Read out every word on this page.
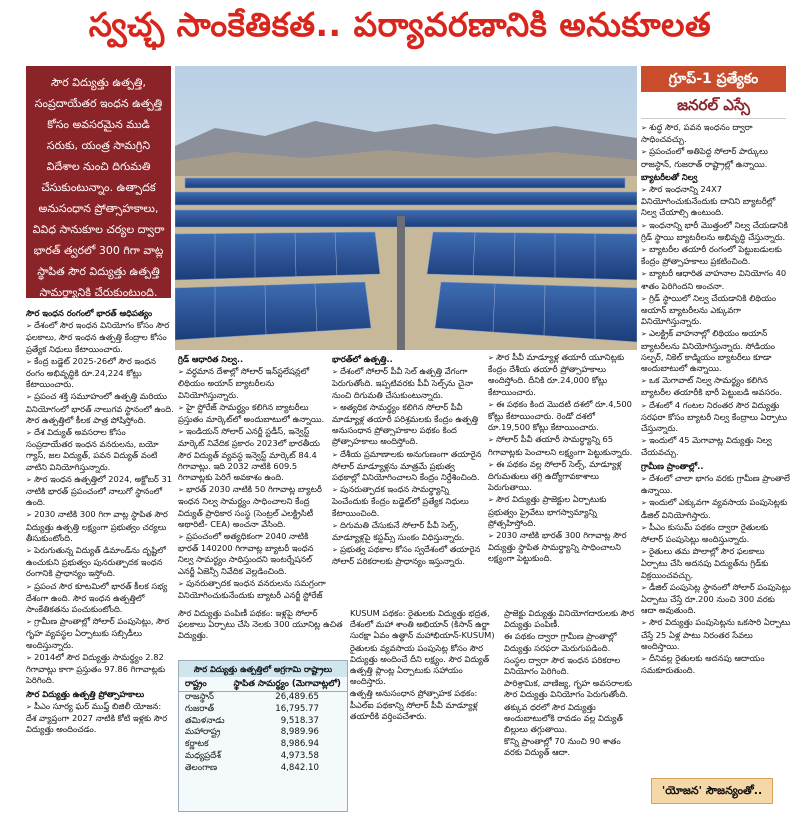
స్వచ్ఛ సాంకేతికత.. పర్యావరణానికి అనుకూలత
సౌర విద్యుత్తు ఉత్పత్తి, సంప్రదాయేతర ఇంధన ఉత్పత్తి కోసం అవసరమైన ముడి సరుకు, యంత్ర సామగ్రిని విదేశాల నుంచి దిగుమతి చేసుకుంటున్నాం. ఉత్పాదక అనుసంధాన ప్రోత్సాహకాలు, వివిధ సానుకూల చర్యల ద్వారా భారత్ త్వరలో 300 గిగా వాట్ల స్థాపిత సౌర విద్యుత్తు ఉత్పత్తి సామర్థ్యానికి చేరుకుంటుంది.
గ్రూప్-1 ప్రత్యేకం
జనరల్ ఎస్సే

సౌర ఇంధన రంగంలో భారత్ ఆధిపత్యం

➢ దేశంలో సౌర ఇంధన వినియోగం కోసం సౌర ఫలకాలు, సౌర ఇంధన ఉత్పత్తి కేంద్రాల కోసం ప్రత్యేక నిధులు కేటాయించారు.

➢ కేంద్ర బడ్జెట్ 2025-26లో సౌర ఇంధన రంగం అభివృద్ధికి రూ.24,224 కోట్లు కేటాయించారు.

➢ ప్రపంచ శక్తి సమూహంలో ఉత్పత్తి మరియు వినియోగంలో భారత్ నాలుగవ స్థానంలో ఉంది. సౌర ఉత్పత్తిలో కీలక పాత్ర పోషిస్తోంది.

➢ దేశ విద్యుత్ అవసరాల కోసం సంప్రదాయేతర ఇంధన వనరులను, బయో గ్యాస్, జల విద్యుత్, పవన విద్యుత్ వంటి వాటిని వినియోగిస్తున్నారు.

➢ సౌర ఇంధన ఉత్పత్తిలో 2024, అక్టోబర్ 31 నాటికి భారత్ ప్రపంచంలో నాలుగో స్థానంలో ఉంది.

➢ 2030 నాటికి 300 గిగా వాట్ల స్థాపిత సౌర విద్యుత్తు ఉత్పత్తి లక్ష్యంగా ప్రభుత్వం చర్యలు తీసుకుంటోంది.

➢ పెరుగుతున్న విద్యుత్ డిమాండ్‌ను దృష్టిలో ఉంచుకుని ప్రభుత్వం పునరుత్పాదక ఇంధన రంగానికి ప్రాధాన్యం ఇస్తోంది.

➢ ప్రపంచ సౌర కూటమిలో భారత్ కీలక సభ్య దేశంగా ఉంది. సౌర ఇంధన ఉత్పత్తిలో సాంకేతికతను పంచుకుంటోంది.

➢ గ్రామీణ ప్రాంతాల్లో సోలార్ పంపుసెట్లు, సౌర గృహ వ్యవస్థల ఏర్పాటుకు సబ్సిడీలు అందిస్తున్నారు.

➢ 2014లో సౌర విద్యుత్తు సామర్థ్యం 2.82 గిగావాట్లు కాగా ప్రస్తుతం 97.86 గిగావాట్లకు పెరిగింది.

సౌర విద్యుత్తు ఉత్పత్తి ప్రోత్సాహకాలు

➢ పీఎం సూర్య ఘర్ ముఫ్త్ బిజిలీ యోజన: దేశ వ్యాప్తంగా 2027 నాటికి కోటి ఇళ్లకు సౌర విద్యుత్తు అందించడం.

గ్రిడ్ ఆధారిత నిల్వ..

➢ వర్ధమాన దేశాల్లో సోలార్ ఇన్‌స్టలేషన్లలో లిథియం అయాన్ బ్యాటరీలను వినియోగిస్తున్నారు.

➢ హై స్టోరేజ్ సామర్థ్యం కలిగిన బ్యాటరీలు ప్రస్తుతం మార్కెట్‌లో అందుబాటులో ఉన్నాయి.

➢ ఇండియన్ సోలార్ ఎనర్జీ స్టడీస్, ఇన్వెస్ట్ మార్కెట్ నివేదిక ప్రకారం 2023లో భారతీయ సౌర విద్యుత్ వ్యవస్థ ఇన్వెస్ట్ మార్కెట్ 84.4 గిగావాట్లు. ఇది 2032 నాటికి 609.5 గిగావాట్లకు పెరిగే అవకాశం ఉంది.

➢ భారత్ 2030 నాటికి 50 గిగావాట్ల బ్యాటరీ ఇంధన నిల్వ సామర్థ్యం సాధించాలని కేంద్ర విద్యుత్ ప్రాధికార సంస్థ (సెంట్రల్ ఎలక్ట్రిసిటీ అథారిటీ- CEA) అంచనా వేసింది.

➢ ప్రపంచంలో అత్యధికంగా 2040 నాటికి భారత్ 140200 గిగావాట్ల బ్యాటరీ ఇంధన నిల్వ సామర్థ్యం సాధిస్తుందని ఇంటర్నేషనల్ ఎనర్జీ ఏజెన్సీ నివేదిక వెల్లడించింది.

➢ పునరుత్పాదక ఇంధన వనరులను సమగ్రంగా వినియోగించుకునేందుకు బ్యాటరీ ఎనర్జీ స్టోరేజ్

భారత్‌లో ఉత్పత్తి..

➢ దేశంలో సోలార్ పీవీ సెల్ ఉత్పత్తి వేగంగా పెరుగుతోంది. ఇప్పటివరకు పీవీ సెల్స్‌ను చైనా నుంచి దిగుమతి చేసుకుంటున్నారు.

➢ అత్యధిక సామర్థ్యం కలిగిన సోలార్ పీవీ మాడ్యూళ్ల తయారీ పరిశ్రమలకు కేంద్రం ఉత్పత్తి అనుసంధాన ప్రోత్సాహకాల పథకం కింద ప్రోత్సాహకాలు అందిస్తోంది.

➢ దేశీయ ప్రమాణాలకు అనుగుణంగా తయారైన సోలార్ మాడ్యూళ్లను మాత్రమే ప్రభుత్వ పథకాల్లో వినియోగించాలని కేంద్రం నిర్దేశించింది.

➢ పునరుత్పాదక ఇంధన సామర్థ్యాన్ని పెంచేందుకు కేంద్రం బడ్జెట్‌లో ప్రత్యేక నిధులు కేటాయించింది.

➢ దిగుమతి చేసుకునే సోలార్ పీవీ సెల్స్, మాడ్యూళ్లపై కస్టమ్స్ సుంకం విధిస్తున్నారు.

➢ ప్రభుత్వ పథకాల కోసం స్వదేశంలో తయారైన సోలార్ పరికరాలకు ప్రాధాన్యం ఇస్తున్నారు.

➢ సౌర పీవీ మాడ్యూళ్ల తయారీ యూనిట్లకు కేంద్రం దేశీయ తయారీ ప్రోత్సాహకాలు అందిస్తోంది. దీనికి రూ.24,000 కోట్లు కేటాయించారు.

➢ ఈ పథకం కింద మొదటి దశలో రూ.4,500 కోట్లు కేటాయించారు. రెండో దశలో రూ.19,500 కోట్లు కేటాయించారు.

➢ సోలార్ పీవీ తయారీ సామర్థ్యాన్ని 65 గిగావాట్లకు పెంచాలని లక్ష్యంగా పెట్టుకున్నారు.

➢ ఈ పథకం వల్ల సోలార్ సెల్స్, మాడ్యూళ్ల దిగుమతులు తగ్గి ఉద్యోగావకాశాలు పెరుగుతాయి.

➢ సౌర విద్యుత్తు ప్రాజెక్టుల ఏర్పాటుకు ప్రభుత్వం ప్రైవేటు భాగస్వామ్యాన్ని ప్రోత్సహిస్తోంది.

➢ 2030 నాటికి భారత్ 300 గిగావాట్ల సౌర విద్యుత్తు స్థాపిత సామర్థ్యాన్ని సాధించాలని లక్ష్యంగా పెట్టుకుంది.

➢ శుద్ధ సౌర, పవన ఇంధనం ద్వారా సాధించవచ్చు.

➢ ప్రపంచంలో అతిపెద్ద సోలార్ పార్కులు రాజస్థాన్, గుజరాత్ రాష్ట్రాల్లో ఉన్నాయి.

బ్యాటరీలతో నిల్వ

➢ సౌర ఇంధనాన్ని 24X7 వినియోగించుకునేందుకు దానిని బ్యాటరీల్లో నిల్వ చేయాల్సి ఉంటుంది.

➢ ఇంధనాన్ని భారీ మొత్తంలో నిల్వ చేయడానికి గ్రిడ్ స్థాయి బ్యాటరీలను అభివృద్ధి చేస్తున్నారు.

➢ బ్యాటరీల తయారీ రంగంలో పెట్టుబడులకు కేంద్రం ప్రోత్సాహకాలు ప్రకటించింది.

➢ బ్యాటరీ ఆధారిత వాహనాల వినియోగం 40 శాతం పెరిగిందని అంచనా.

➢ గ్రిడ్ స్థాయిలో నిల్వ చేయడానికి లిథియం అయాన్ బ్యాటరీలను ఎక్కువగా వినియోగిస్తున్నారు.

➢ ఎలక్ట్రిక్ వాహనాల్లో లిథియం అయాన్ బ్యాటరీలను వినియోగిస్తున్నారు. సోడియం సల్ఫర్, నికెల్ కాడ్మియం బ్యాటరీలు కూడా అందుబాటులో ఉన్నాయి.

➢ ఒక మెగావాట్ నిల్వ సామర్థ్యం కలిగిన బ్యాటరీల తయారీకి భారీ పెట్టుబడి అవసరం.

➢ దేశంలో 4 గంటల నిరంతర సౌర విద్యుత్తు సరఫరా కోసం బ్యాటరీ నిల్వ కేంద్రాలు ఏర్పాటు చేస్తున్నారు.

➢ ఇందులో 45 మెగావాట్ల విద్యుత్తు నిల్వ చేయవచ్చు.

గ్రామీణ ప్రాంతాల్లో..

➢ దేశంలో చాలా భాగం వరకు గ్రామీణ ప్రాంతాలే ఉన్నాయి.

➢ ఇందులో ఎక్కువగా వ్యవసాయ పంపుసెట్లకు డీజిల్ వినియోగిస్తారు.

➢ పీఎం కుసుమ్ పథకం ద్వారా రైతులకు సోలార్ పంపుసెట్లు అందిస్తున్నారు.

➢ రైతులు తమ పొలాల్లో సౌర ఫలకాలు ఏర్పాటు చేసి అదనపు విద్యుత్‌ను గ్రిడ్‌కు విక్రయించవచ్చు.

➢ డీజిల్ పంపుసెట్ల స్థానంలో సోలార్ పంపుసెట్లు ఏర్పాటు చేస్తే రూ.200 నుంచి 300 వరకు ఆదా అవుతుంది.

➢ సౌర విద్యుత్తు పంపుసెట్లను ఒకసారి ఏర్పాటు చేస్తే 25 ఏళ్ల పాటు నిరంతర సేవలు అందిస్తాయి.

➢ దీనివల్ల రైతులకు అదనపు ఆదాయం సమకూరుతుంది.

సౌర విద్యుత్తు పంపిణీ పథకం: ఇళ్లపై సోలార్ ఫలకాలు ఏర్పాటు చేసి నెలకు 300 యూనిట్ల ఉచిత విద్యుత్తు.

సౌర విద్యుత్తు ఉత్పత్తిలో అగ్రగామి రాష్ట్రాలు
రాష్ట్రం	స్థాపిత సామర్థ్యం (మెగావాట్లలో)
రాజస్థాన్	26,489.65
గుజరాత్	16,795.77
తమిళనాడు	9,518.37
మహారాష్ట్ర	8,989.96
కర్ణాటక	8,986.94
మధ్యప్రదేశ్	4,973.58
తెలంగాణ	4,842.10

KUSUM పథకం: రైతులకు విద్యుత్తు భద్రత, దేశంలో మహా శాంతి అభియాన్ (కిసాన్ ఉర్జా సురక్షా ఏవం ఉత్థాన్ మహాభియాన్-KUSUM)

రైతులకు వ్యవసాయ పంపుసెట్ల కోసం సౌర విద్యుత్తు అందించే దీని లక్ష్యం. సౌర విద్యుత్ ఉత్పత్తి ప్లాంట్ల ఏర్పాటుకు సహాయం అందిస్తారు.

ఉత్పత్తి అనుసంధాన ప్రోత్సాహక పథకం: పీఎల్‌ఐ పథకాన్ని సోలార్ పీవీ మాడ్యూళ్ల తయారీకి వర్తింపచేశారు.

ప్రాజెక్టు విద్యుత్తు వినియోగదారులకు సౌర విద్యుత్తు పంపిణీ.

ఈ పథకం ద్వారా గ్రామీణ ప్రాంతాల్లో విద్యుత్తు సరఫరా మెరుగుపడింది.

సంస్థల ద్వారా సౌర ఇంధన పరికరాల వినియోగం పెరిగింది.

పారిశ్రామిక, వాణిజ్య, గృహ అవసరాలకు సౌర విద్యుత్తు వినియోగం పెరుగుతోంది.

తక్కువ ధరలో సౌర విద్యుత్తు అందుబాటులోకి రావడం వల్ల విద్యుత్ బిల్లులు తగ్గుతాయి.

కొన్ని ప్రాంతాల్లో 70 నుంచి 90 శాతం వరకు విద్యుత్ ఆదా.

'యోజన' సౌజన్యంతో..
